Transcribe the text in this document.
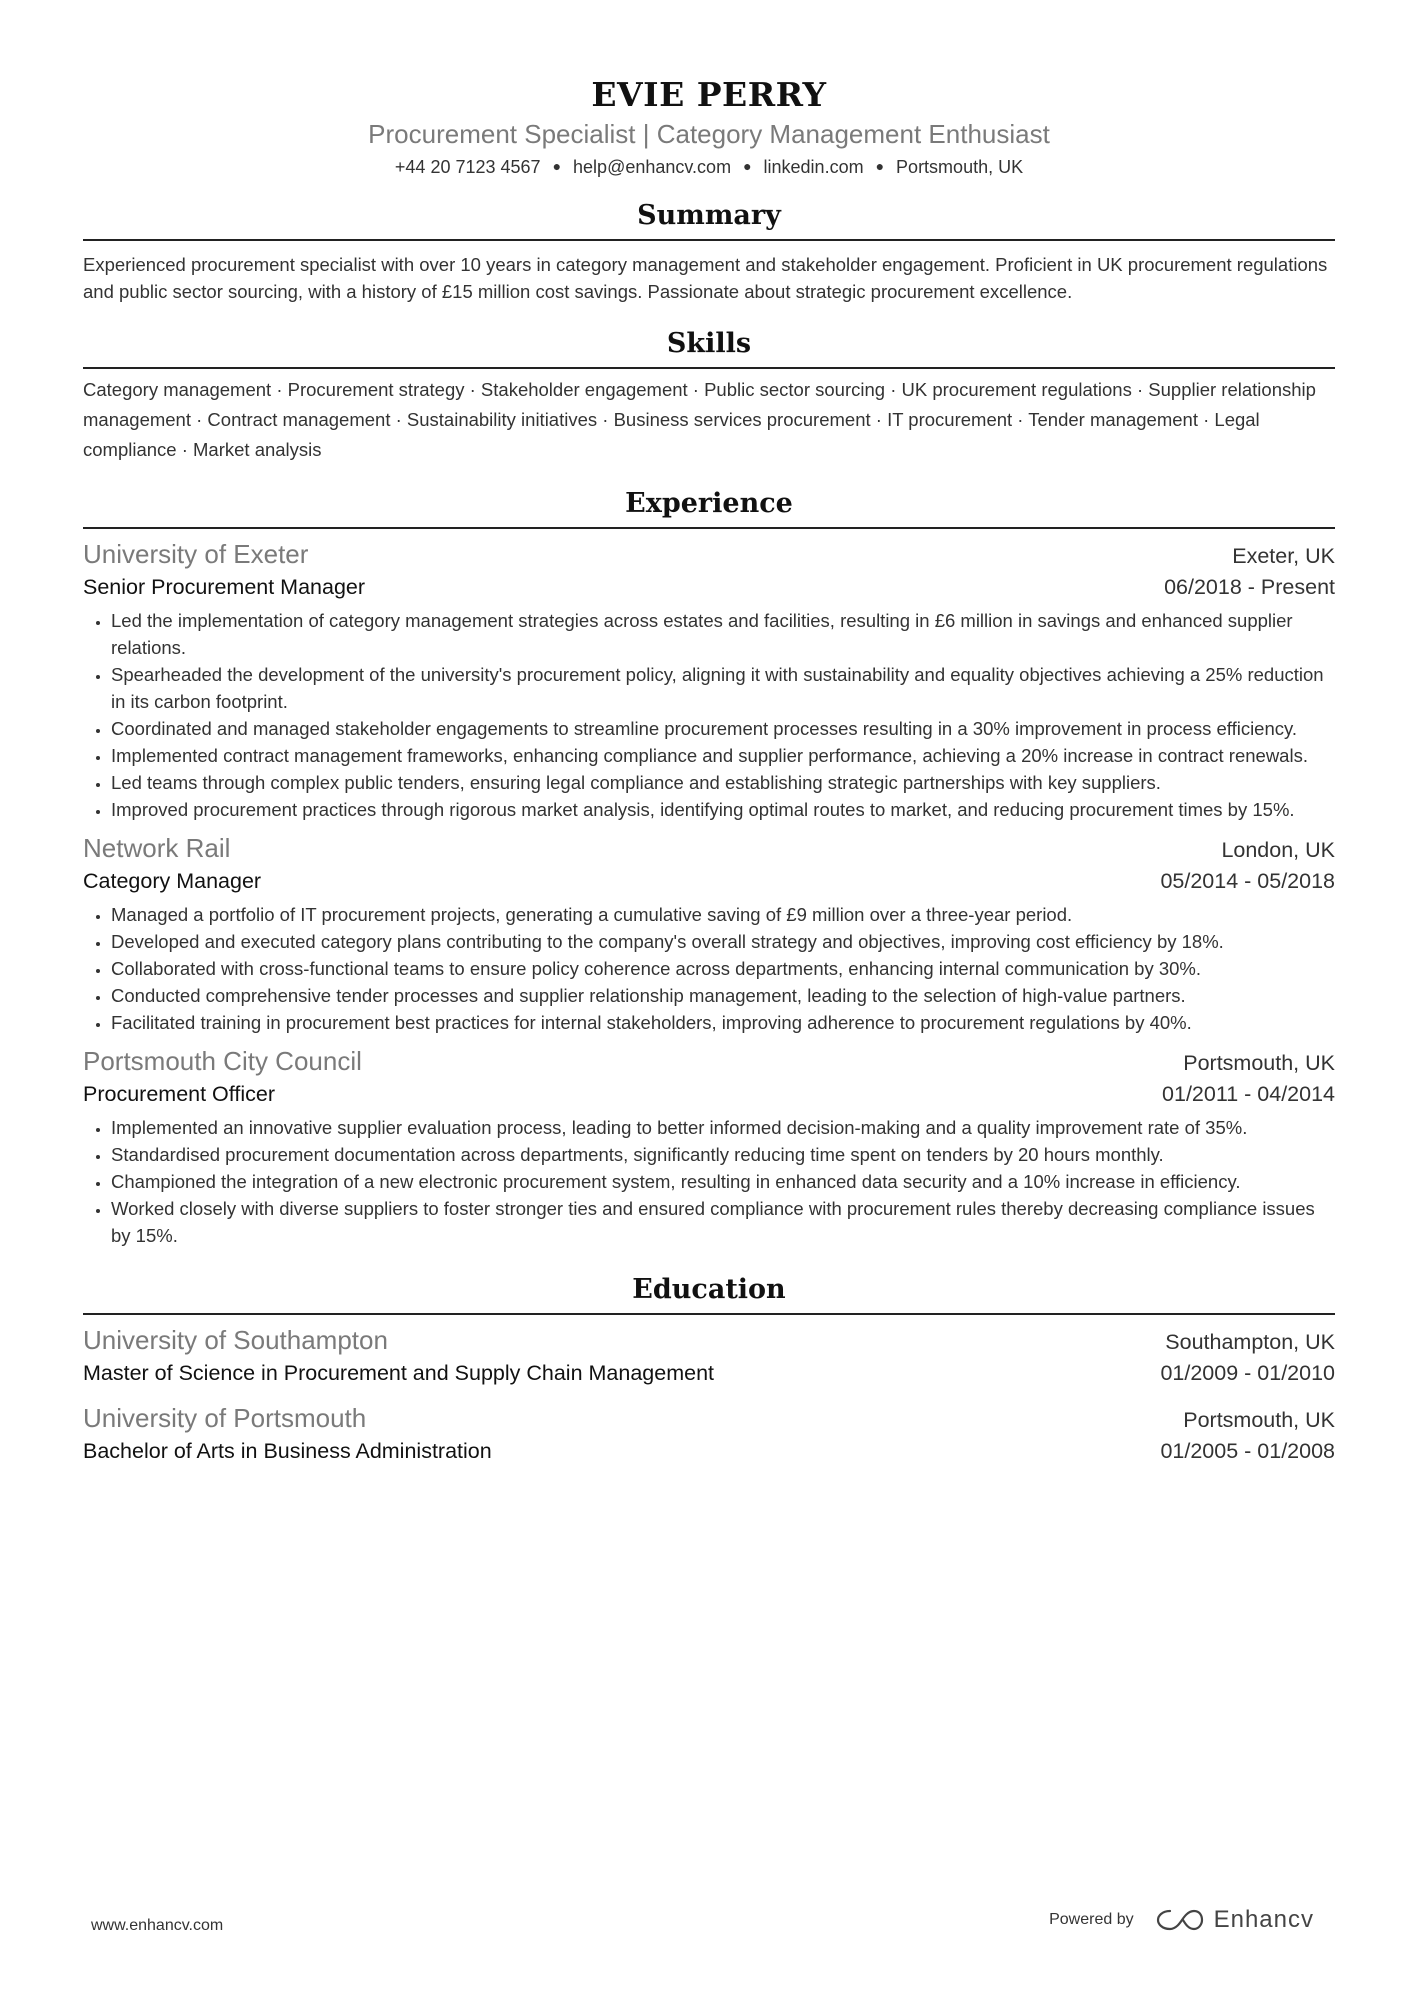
EVIE PERRY
Procurement Specialist | Category Management Enthusiast
+44 20 7123 4567 ● help@enhancv.com ● linkedin.com ● Portsmouth, UK
Summary
Experienced procurement specialist with over 10 years in category management and stakeholder engagement. Proficient in UK procurement regulations and public sector sourcing, with a history of £15 million cost savings. Passionate about strategic procurement excellence.
Skills
Category management · Procurement strategy · Stakeholder engagement · Public sector sourcing · UK procurement regulations · Supplier relationship management · Contract management · Sustainability initiatives · Business services procurement · IT procurement · Tender management · Legal compliance · Market analysis
Experience
University of Exeter	Exeter, UK
Senior Procurement Manager	06/2018 - Present
• Led the implementation of category management strategies across estates and facilities, resulting in £6 million in savings and enhanced supplier relations.
• Spearheaded the development of the university's procurement policy, aligning it with sustainability and equality objectives achieving a 25% reduction in its carbon footprint.
• Coordinated and managed stakeholder engagements to streamline procurement processes resulting in a 30% improvement in process efficiency.
• Implemented contract management frameworks, enhancing compliance and supplier performance, achieving a 20% increase in contract renewals.
• Led teams through complex public tenders, ensuring legal compliance and establishing strategic partnerships with key suppliers.
• Improved procurement practices through rigorous market analysis, identifying optimal routes to market, and reducing procurement times by 15%.
Network Rail	London, UK
Category Manager	05/2014 - 05/2018
• Managed a portfolio of IT procurement projects, generating a cumulative saving of £9 million over a three-year period.
• Developed and executed category plans contributing to the company's overall strategy and objectives, improving cost efficiency by 18%.
• Collaborated with cross-functional teams to ensure policy coherence across departments, enhancing internal communication by 30%.
• Conducted comprehensive tender processes and supplier relationship management, leading to the selection of high-value partners.
• Facilitated training in procurement best practices for internal stakeholders, improving adherence to procurement regulations by 40%.
Portsmouth City Council	Portsmouth, UK
Procurement Officer	01/2011 - 04/2014
• Implemented an innovative supplier evaluation process, leading to better informed decision-making and a quality improvement rate of 35%.
• Standardised procurement documentation across departments, significantly reducing time spent on tenders by 20 hours monthly.
• Championed the integration of a new electronic procurement system, resulting in enhanced data security and a 10% increase in efficiency.
• Worked closely with diverse suppliers to foster stronger ties and ensured compliance with procurement rules thereby decreasing compliance issues by 15%.
Education
University of Southampton	Southampton, UK
Master of Science in Procurement and Supply Chain Management	01/2009 - 01/2010
University of Portsmouth	Portsmouth, UK
Bachelor of Arts in Business Administration	01/2005 - 01/2008
www.enhancv.com	Powered by	Enhancv
